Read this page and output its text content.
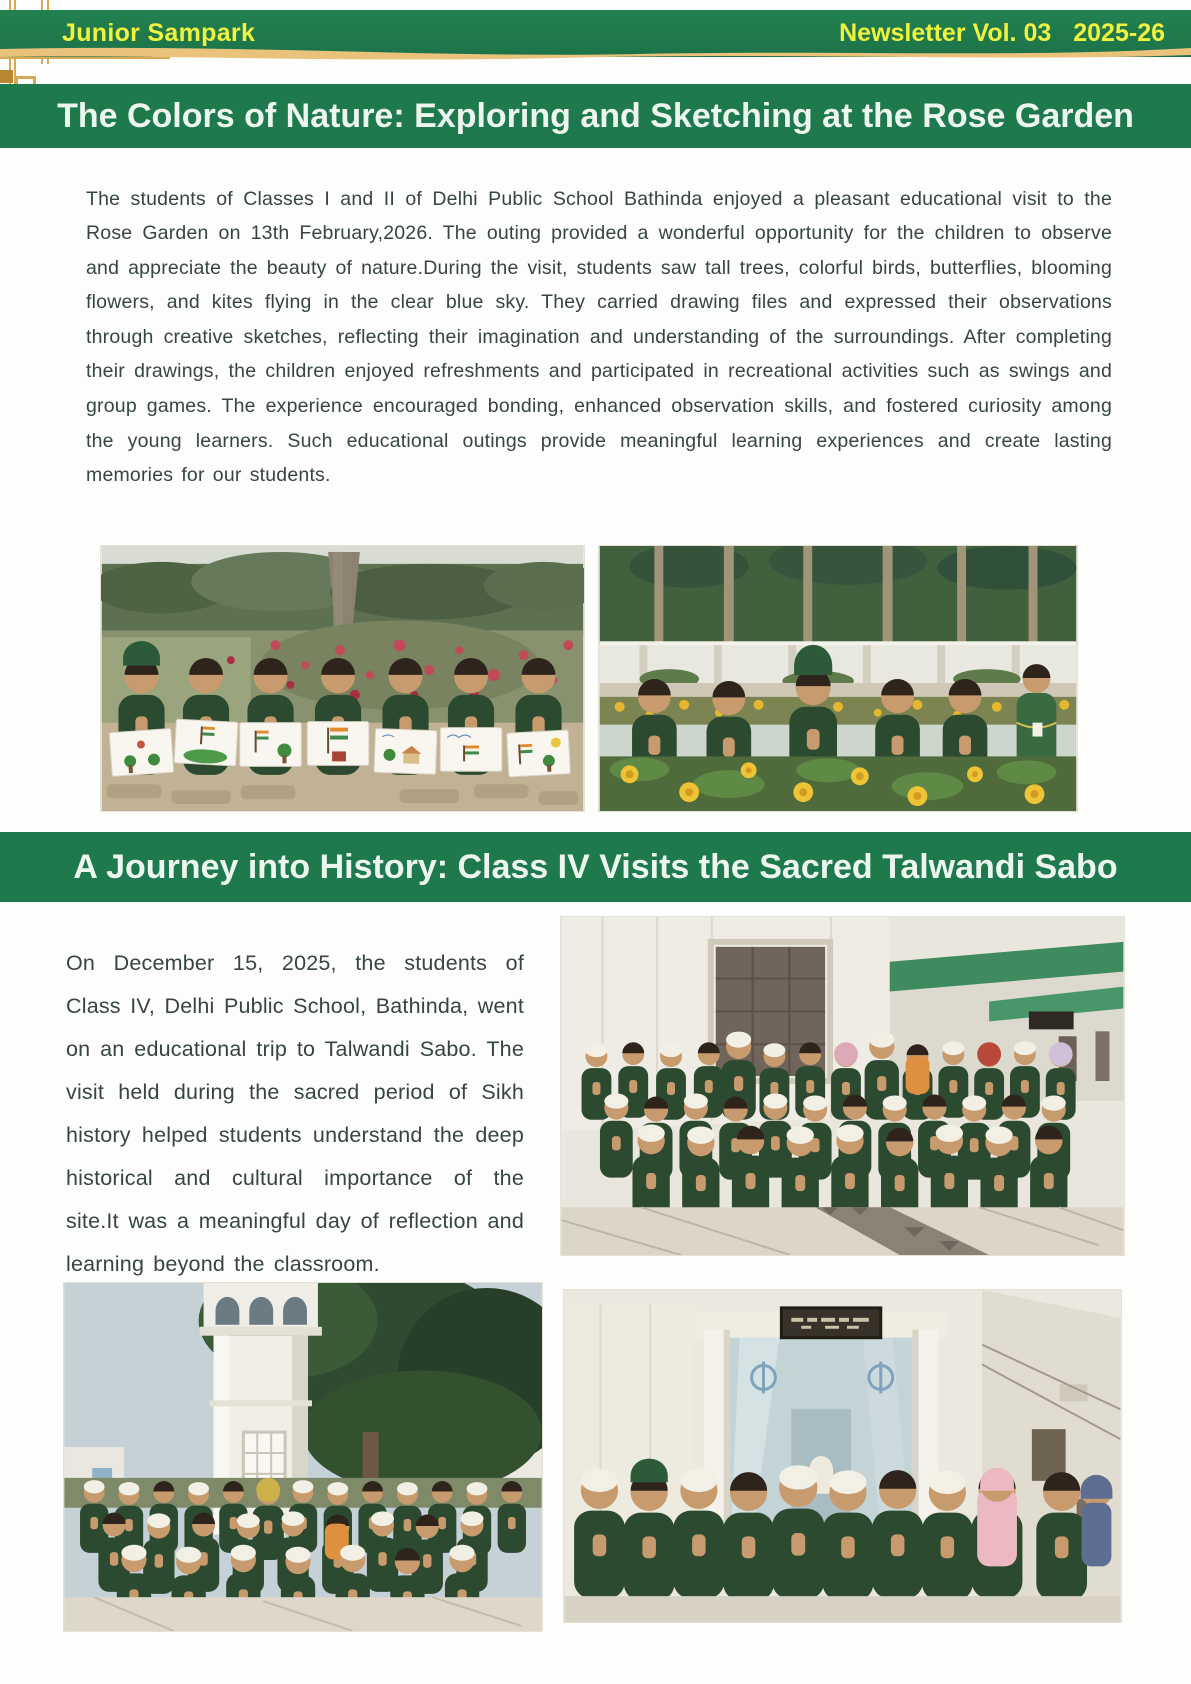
Junior Sampark	Newsletter Vol. 03 2025-26
The Colors of Nature: Exploring and Sketching at the Rose Garden

The students of Classes I and II of Delhi Public School Bathinda enjoyed a pleasant educational visit to the Rose Garden on 13th February,2026. The outing provided a wonderful opportunity for the children to observe and appreciate the beauty of nature.During the visit, students saw tall trees, colorful birds, butterflies, blooming flowers, and kites flying in the clear blue sky. They carried drawing files and expressed their observations through creative sketches, reflecting their imagination and understanding of the surroundings. After completing their drawings, the children enjoyed refreshments and participated in recreational activities such as swings and group games. The experience encouraged bonding, enhanced observation skills, and fostered curiosity among the young learners. Such educational outings provide meaningful learning experiences and create lasting memories for our students.

A Journey into History: Class IV Visits the Sacred Talwandi Sabo

On December 15, 2025, the students of Class IV, Delhi Public School, Bathinda, went on an educational trip to Talwandi Sabo. The visit held during the sacred period of Sikh history helped students understand the deep historical and cultural importance of the site.It was a meaningful day of reflection and learning beyond the classroom.
